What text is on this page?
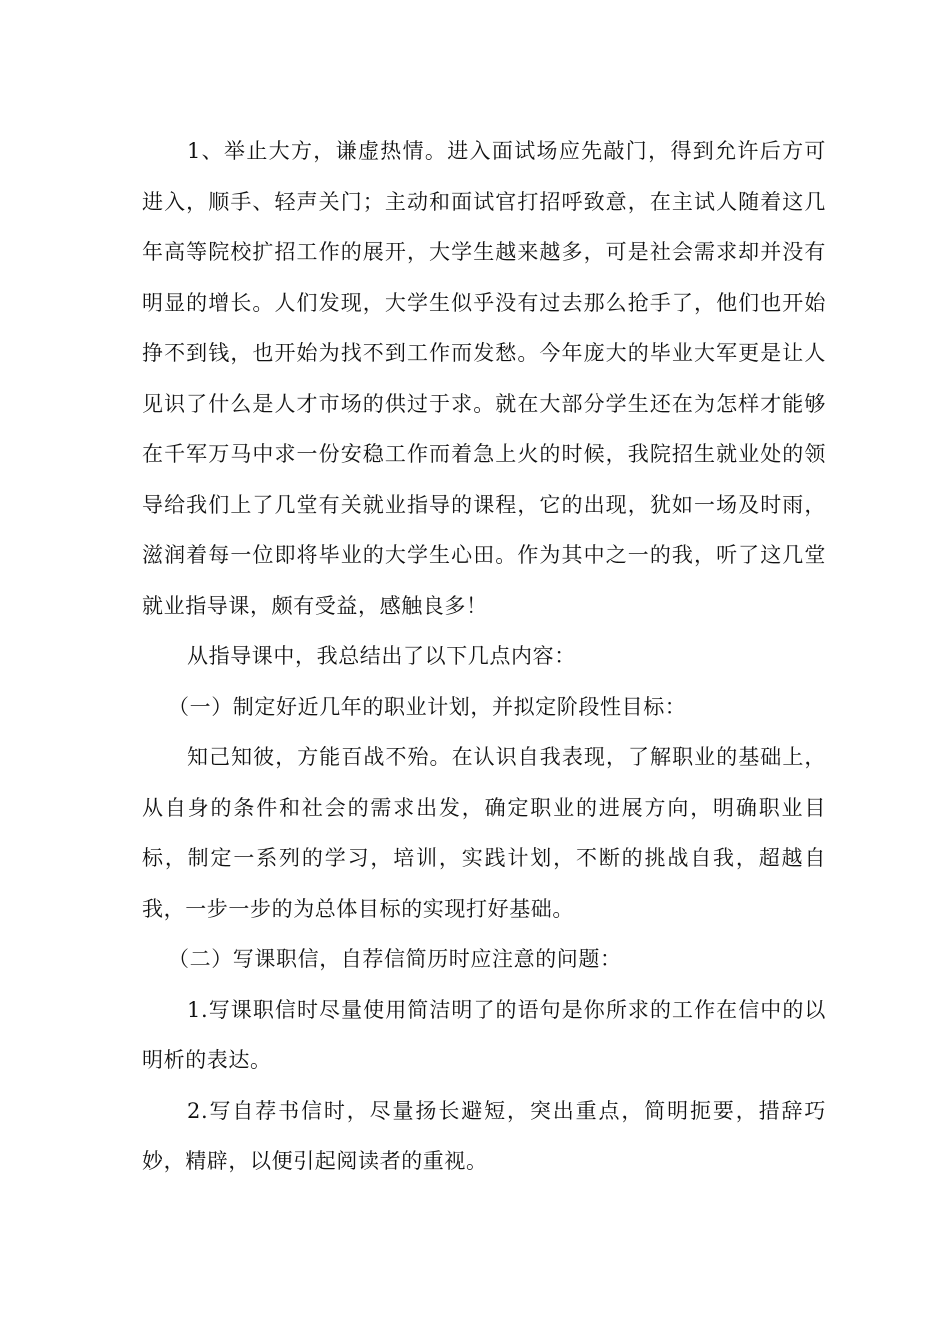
1、举止大方，谦虚热情。进入面试场应先敲门，得到允许后方可进入，顺手、轻声关门；主动和面试官打招呼致意，在主试人随着这几年高等院校扩招工作的展开，大学生越来越多，可是社会需求却并没有明显的增长。人们发现，大学生似乎没有过去那么抢手了，他们也开始挣不到钱，也开始为找不到工作而发愁。今年庞大的毕业大军更是让人见识了什么是人才市场的供过于求。就在大部分学生还在为怎样才能够在千军万马中求一份安稳工作而着急上火的时候，我院招生就业处的领导给我们上了几堂有关就业指导的课程，它的出现，犹如一场及时雨，滋润着每一位即将毕业的大学生心田。作为其中之一的我，听了这几堂就业指导课，颇有受益，感触良多！

从指导课中，我总结出了以下几点内容：

（一）制定好近几年的职业计划，并拟定阶段性目标：

知己知彼，方能百战不殆。在认识自我表现，了解职业的基础上，从自身的条件和社会的需求出发，确定职业的进展方向，明确职业目标，制定一系列的学习，培训，实践计划，不断的挑战自我，超越自我，一步一步的为总体目标的实现打好基础。

（二）写课职信，自荐信简历时应注意的问题：

1.写课职信时尽量使用简洁明了的语句是你所求的工作在信中的以明析的表达。

2.写自荐书信时，尽量扬长避短，突出重点，简明扼要，措辞巧妙，精辟，以便引起阅读者的重视。
